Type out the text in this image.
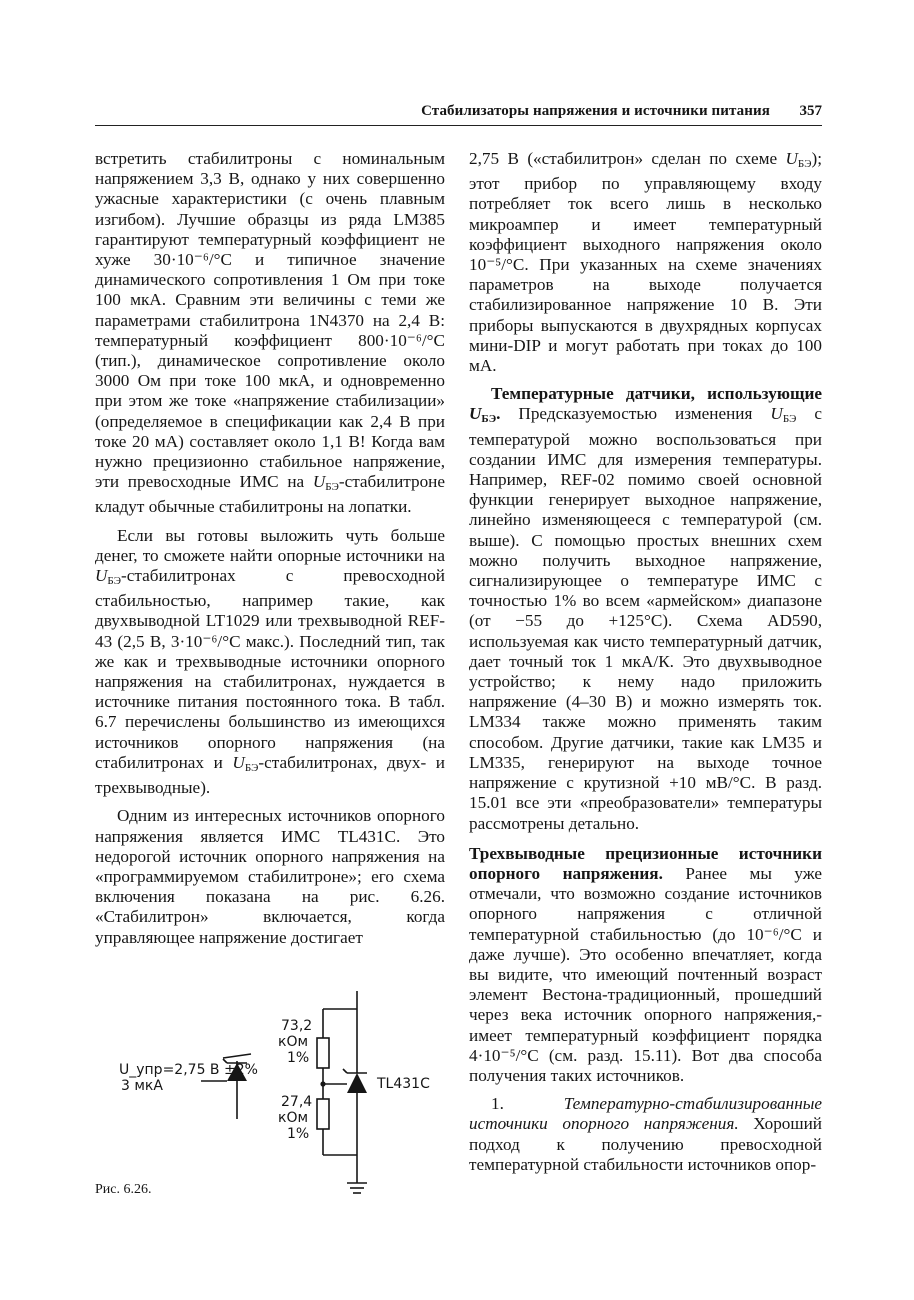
Стабилизаторы напряжения и источники питания 357

встретить стабилитроны с номинальным напряжением 3,3 В, однако у них совершенно ужасные характеристики (с очень плавным изгибом). Лучшие образцы из ряда LM385 гарантируют температурный коэффициент не хуже 30·10⁻⁶/°С и типичное значение динамического сопротивления 1 Ом при токе 100 мкА. Сравним эти величины с теми же параметрами стабилитрона 1N4370 на 2,4 В: температурный коэффициент 800·10⁻⁶/°С (тип.), динамическое сопротивление около 3000 Ом при токе 100 мкА, и одновременно при этом же токе «напряжение стабилизации» (определяемое в спецификации как 2,4 В при токе 20 мА) составляет около 1,1 В! Когда вам нужно прецизионно стабильное напряжение, эти превосходные ИМС на $U_{БЭ}$-стабилитроне кладут обычные стабилитроны на лопатки.

Если вы готовы выложить чуть больше денег, то сможете найти опорные источники на $U_{БЭ}$-стабилитронах с превосходной стабильностью, например такие, как двухвыводной LT1029 или трехвыводной REF-43 (2,5 В, 3·10⁻⁶/°С макс.). Последний тип, так же как и трехвыводные источники опорного напряжения на стабилитронах, нуждается в источнике питания постоянного тока. В табл. 6.7 перечислены большинство из имеющихся источников опорного напряжения (на стабилитронах и $U_{БЭ}$-стабилитронах, двух- и трехвыводные).

Одним из интересных источников опорного напряжения является ИМС TL431C. Это недорогой источник опорного напряжения на «программируемом стабилитроне»; его схема включения показана на рис. 6.26. «Стабилитрон» включается, когда управляющее напряжение достигает

2,75 В («стабилитрон» сделан по схеме $U_{БЭ}$); этот прибор по управляющему входу потребляет ток всего лишь в несколько микроампер и имеет температурный коэффициент выходного напряжения около 10⁻⁵/°С. При указанных на схеме значениях параметров на выходе получается стабилизированное напряжение 10 В. Эти приборы выпускаются в двухрядных корпусах мини-DIP и могут работать при токах до 100 мА.

Температурные датчики, использующие $U_{БЭ}$. Предсказуемостью изменения $U_{БЭ}$ с температурой можно воспользоваться при создании ИМС для измерения температуры. Например, REF-02 помимо своей основной функции генерирует выходное напряжение, линейно изменяющееся с температурой (см. выше). С помощью простых внешних схем можно получить выходное напряжение, сигнализирующее о температуре ИМС с точностью 1% во всем «армейском» диапазоне (от −55 до +125°С). Схема AD590, используемая как чисто температурный датчик, дает точный ток 1 мкА/К. Это двухвыводное устройство; к нему надо приложить напряжение (4–30 В) и можно измерять ток. LM334 также можно применять таким способом. Другие датчики, такие как LM35 и LM335, генерируют на выходе точное напряжение с крутизной +10 мВ/°С. В разд. 15.01 все эти «преобразователи» температуры рассмотрены детально.

Трехвыводные прецизионные источники опорного напряжения. Ранее мы уже отмечали, что возможно создание источников опорного напряжения с отличной температурной стабильностью (до 10⁻⁶/°С и даже лучше). Это особенно впечатляет, когда вы видите, что имеющий почтенный возраст элемент Вестона-традиционный, прошедший через века источник опорного напряжения,-имеет температурный коэффициент порядка 4·10⁻⁵/°С (см. разд. 15.11). Вот два способа получения таких источников.

1. Температурно-стабилизированные источники опорного напряжения. Хороший подход к получению превосходной температурной стабильности источников опор-

U_упр=2,75 В ±2%
3 мкА
73,2
кОм
1%
27,4
кОм
1%
TL431C
Рис. 6.26.
